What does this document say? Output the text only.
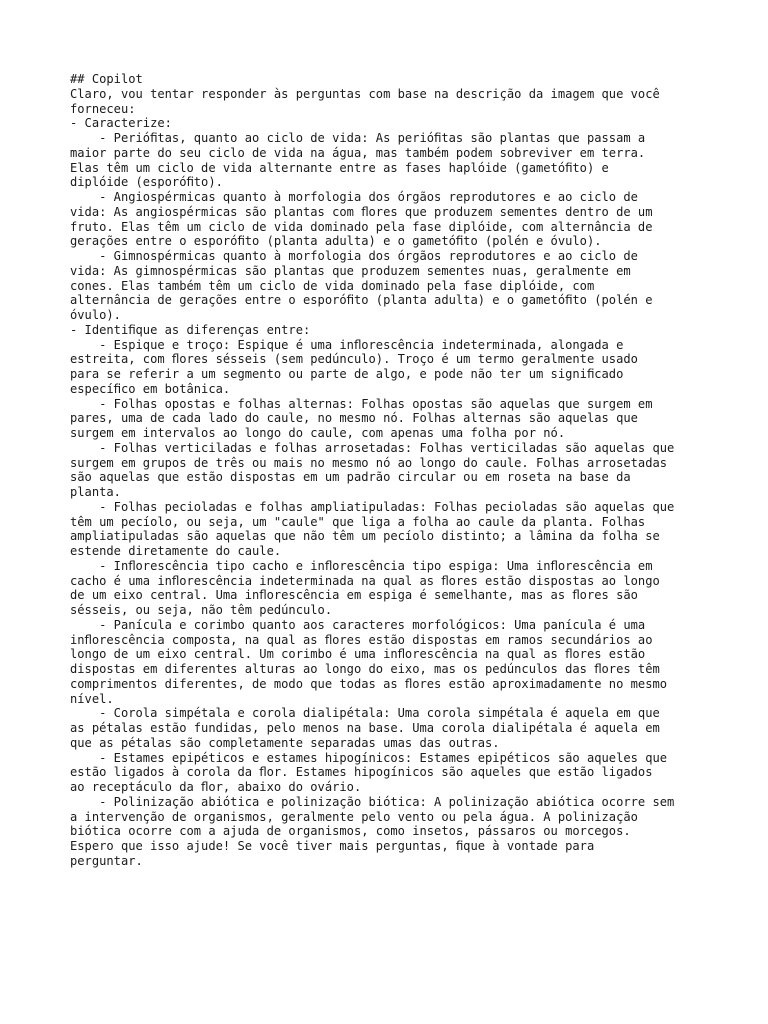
## Copilot
Claro, vou tentar responder às perguntas com base na descrição da imagem que você
forneceu:
- Caracterize:
- Perióﬁtas, quanto ao ciclo de vida: As perióﬁtas são plantas que passam a
maior parte do seu ciclo de vida na água, mas também podem sobreviver em terra.
Elas têm um ciclo de vida alternante entre as fases haplóide (gametóﬁto) e
diplóide (esporóﬁto).
- Angiospérmicas quanto à morfologia dos órgãos reprodutores e ao ciclo de
vida: As angiospérmicas são plantas com ﬂores que produzem sementes dentro de um
fruto. Elas têm um ciclo de vida dominado pela fase diplóide, com alternância de
gerações entre o esporóﬁto (planta adulta) e o gametóﬁto (polén e óvulo).
- Gimnospérmicas quanto à morfologia dos órgãos reprodutores e ao ciclo de
vida: As gimnospérmicas são plantas que produzem sementes nuas, geralmente em
cones. Elas também têm um ciclo de vida dominado pela fase diplóide, com
alternância de gerações entre o esporóﬁto (planta adulta) e o gametóﬁto (polén e
óvulo).
- Identiﬁque as diferenças entre:
- Espique e troço: Espique é uma inﬂorescência indeterminada, alongada e
estreita, com ﬂores sésseis (sem pedúnculo). Troço é um termo geralmente usado
para se referir a um segmento ou parte de algo, e pode não ter um signiﬁcado
especíﬁco em botânica.
- Folhas opostas e folhas alternas: Folhas opostas são aquelas que surgem em
pares, uma de cada lado do caule, no mesmo nó. Folhas alternas são aquelas que
surgem em intervalos ao longo do caule, com apenas uma folha por nó.
- Folhas verticiladas e folhas arrosetadas: Folhas verticiladas são aquelas que
surgem em grupos de três ou mais no mesmo nó ao longo do caule. Folhas arrosetadas
são aquelas que estão dispostas em um padrão circular ou em roseta na base da
planta.
- Folhas pecioladas e folhas ampliatipuladas: Folhas pecioladas são aquelas que
têm um pecíolo, ou seja, um "caule" que liga a folha ao caule da planta. Folhas
ampliatipuladas são aquelas que não têm um pecíolo distinto; a lâmina da folha se
estende diretamente do caule.
- Inﬂorescência tipo cacho e inﬂorescência tipo espiga: Uma inﬂorescência em
cacho é uma inﬂorescência indeterminada na qual as ﬂores estão dispostas ao longo
de um eixo central. Uma inﬂorescência em espiga é semelhante, mas as ﬂores são
sésseis, ou seja, não têm pedúnculo.
- Panícula e corimbo quanto aos caracteres morfológicos: Uma panícula é uma
inﬂorescência composta, na qual as ﬂores estão dispostas em ramos secundários ao
longo de um eixo central. Um corimbo é uma inﬂorescência na qual as ﬂores estão
dispostas em diferentes alturas ao longo do eixo, mas os pedúnculos das ﬂores têm
comprimentos diferentes, de modo que todas as ﬂores estão aproximadamente no mesmo
nível.
- Corola simpétala e corola dialipétala: Uma corola simpétala é aquela em que
as pétalas estão fundidas, pelo menos na base. Uma corola dialipétala é aquela em
que as pétalas são completamente separadas umas das outras.
- Estames epipéticos e estames hipogínicos: Estames epipéticos são aqueles que
estão ligados à corola da ﬂor. Estames hipogínicos são aqueles que estão ligados
ao receptáculo da ﬂor, abaixo do ovário.
- Polinização abiótica e polinização biótica: A polinização abiótica ocorre sem
a intervenção de organismos, geralmente pelo vento ou pela água. A polinização
biótica ocorre com a ajuda de organismos, como insetos, pássaros ou morcegos.
Espero que isso ajude! Se você tiver mais perguntas, ﬁque à vontade para
perguntar.
